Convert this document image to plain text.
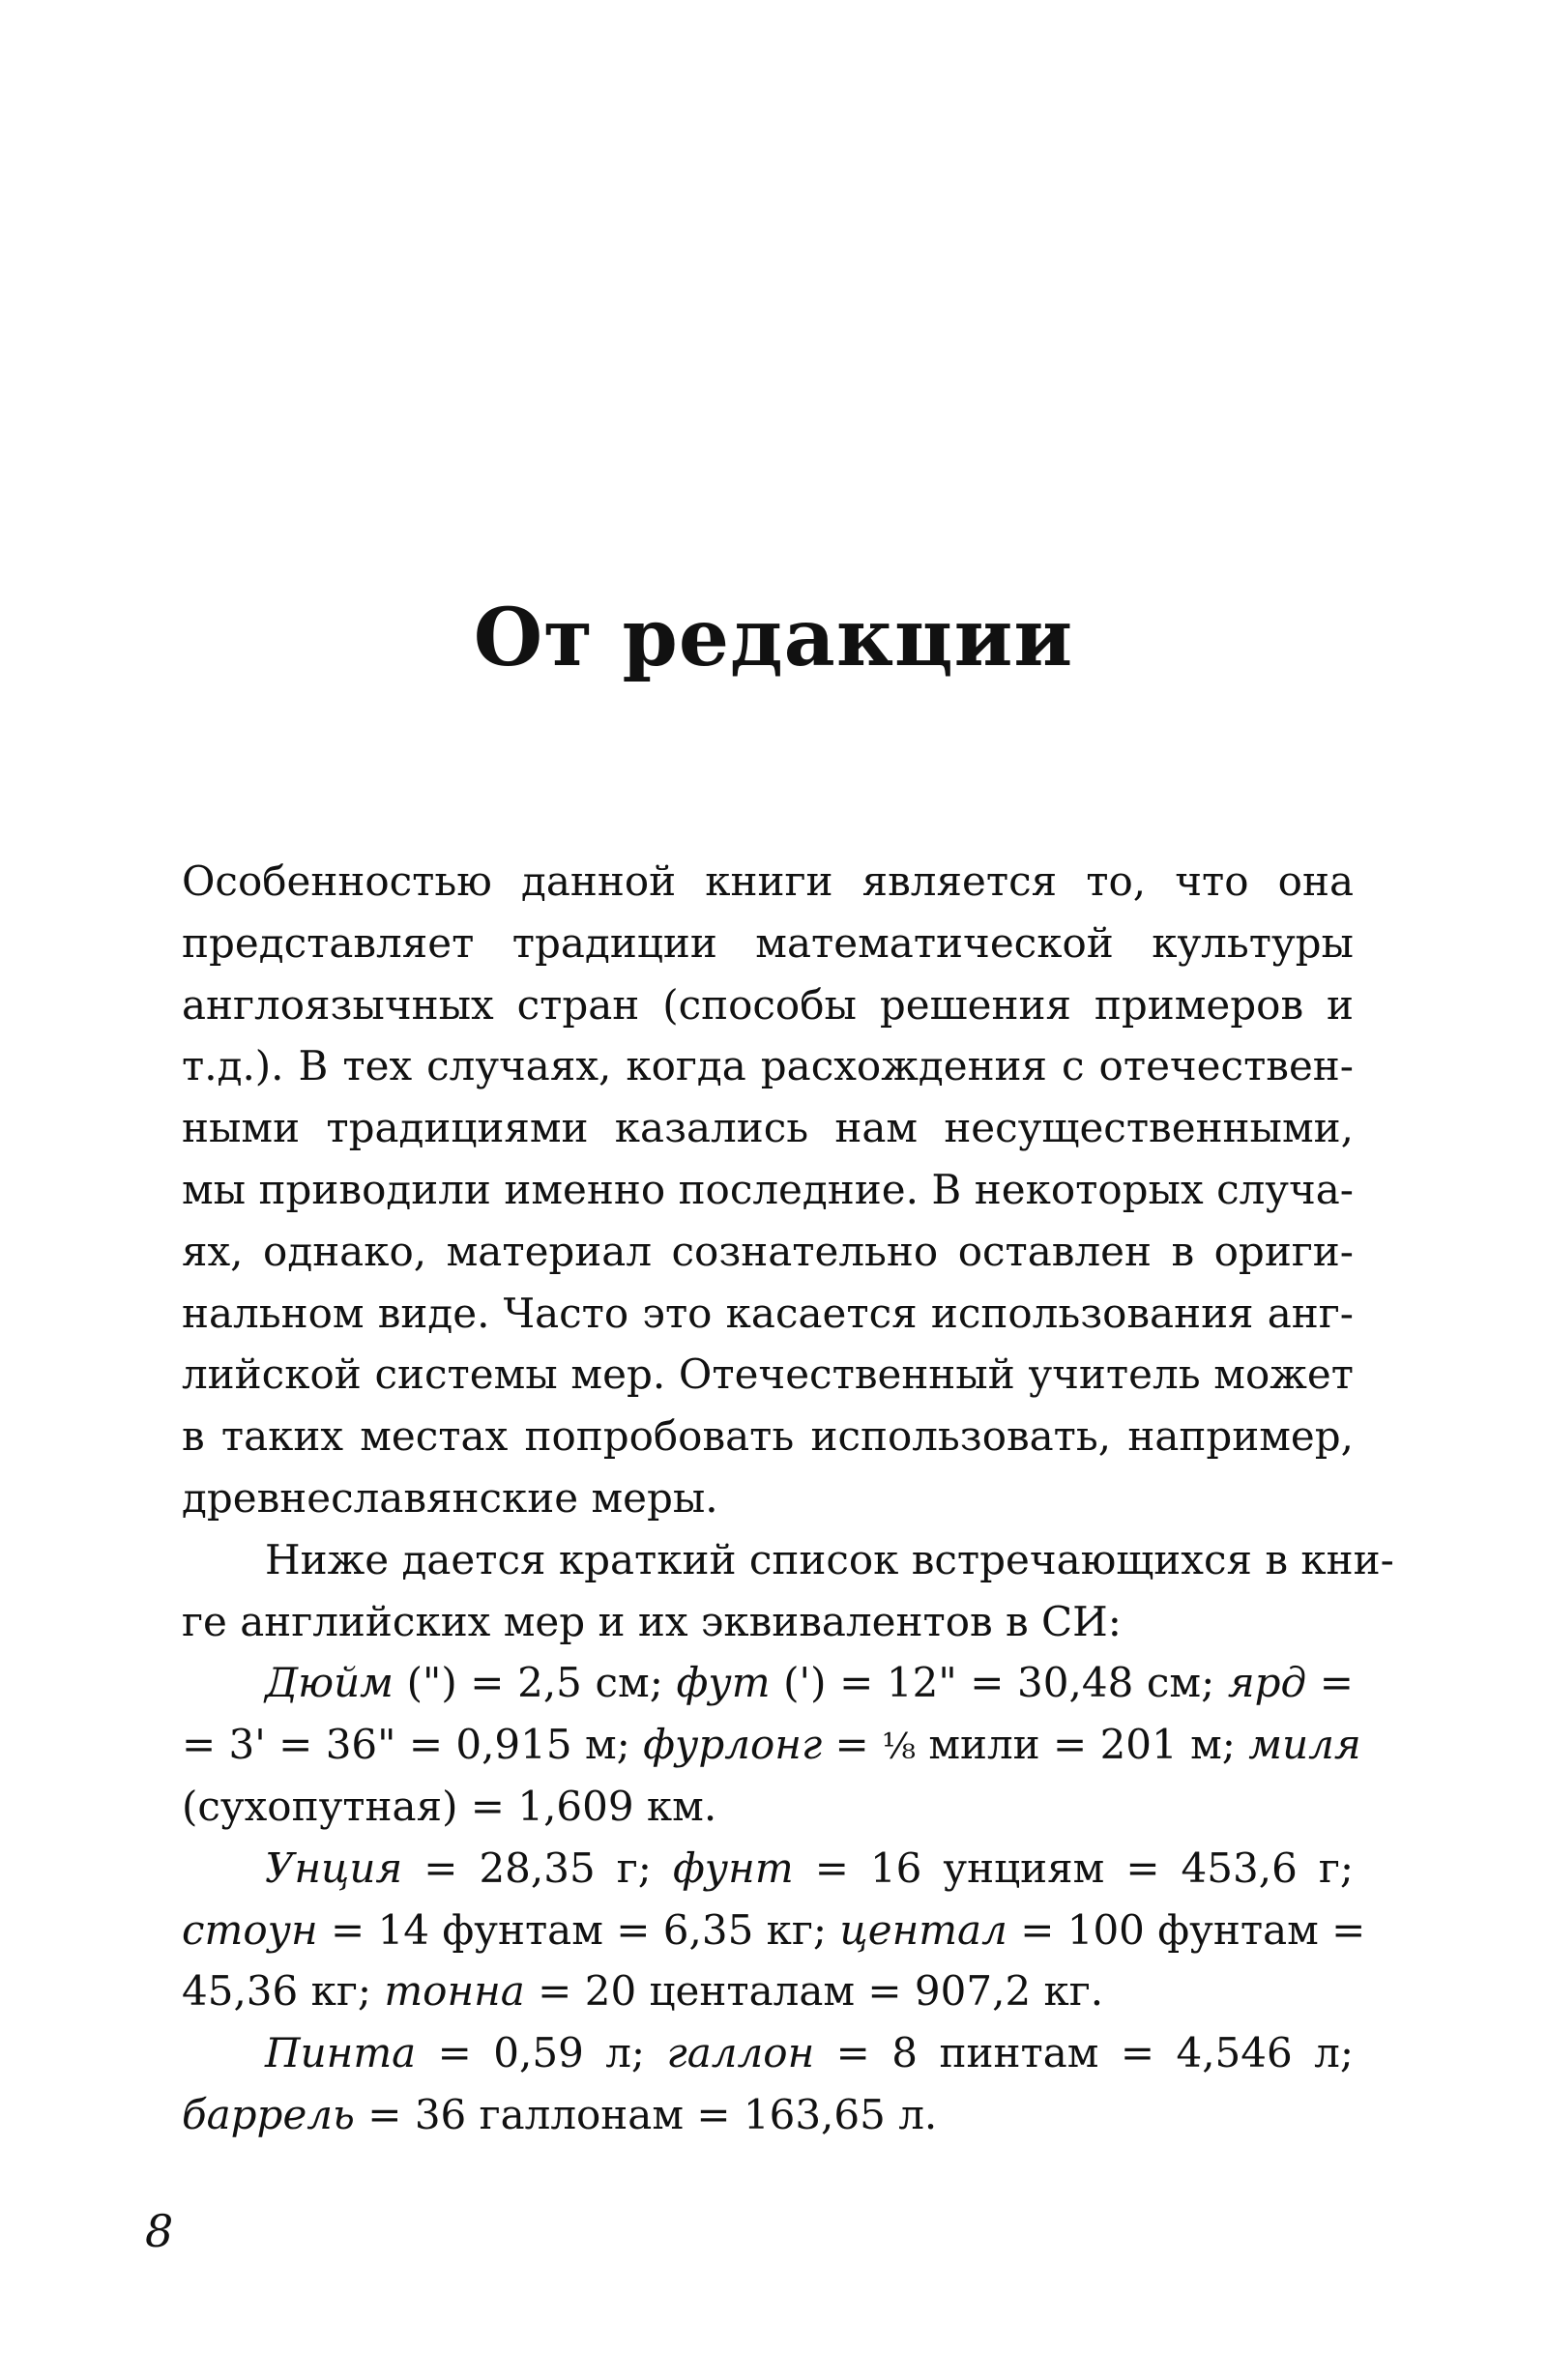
От редакции
Особенностью данной книги является то, что она
представляет традиции математической культуры
англоязычных стран (способы решения примеров и
т.д.). В тех случаях, когда расхождения с отечествен-
ными традициями казались нам несущественными,
мы приводили именно последние. В некоторых случа-
ях, однако, материал сознательно оставлен в ориги-
нальном виде. Часто это касается использования анг-
лийской системы мер. Отечественный учитель может
в таких местах попробовать использовать, например,
древнеславянские меры.
Ниже дается краткий список встречающихся в кни-
ге английских мер и их эквивалентов в СИ:
Дюйм (") = 2,5 см; фут (') = 12" = 30,48 см; ярд =
= 3' = 36" = 0,915 м; фурлонг = ⅛ мили = 201 м; миля
(сухопутная) = 1,609 км.
Унция = 28,35 г; фунт = 16 унциям = 453,6 г;
стоун = 14 фунтам = 6,35 кг; центал = 100 фунтам =
45,36 кг; тонна = 20 центалам = 907,2 кг.
Пинта = 0,59 л; галлон = 8 пинтам = 4,546 л;
баррель = 36 галлонам = 163,65 л.
8
